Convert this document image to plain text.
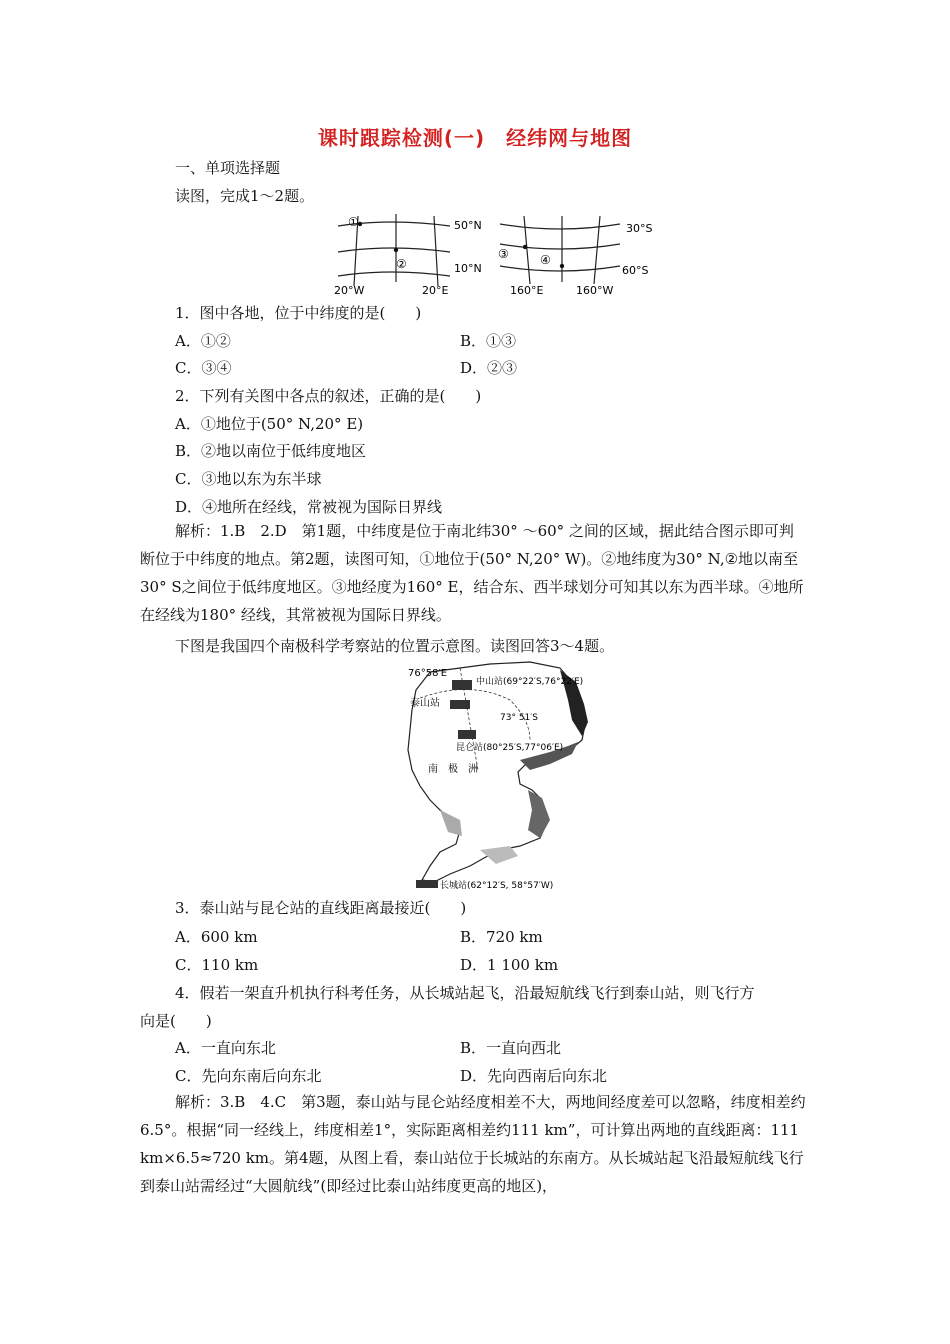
课时跟踪检测(一)　经纬网与地图
一、单项选择题
读图，完成1～2题。
①
②
③	④
50°N
10°N
20°W	20°E
30°S
60°S
160°E	160°W
1．图中各地，位于中纬度的是(　　)
A．①②	B．①③
C．③④	D．②③
2．下列有关图中各点的叙述，正确的是(　　)
A．①地位于(50° N,20° E)
B．②地以南位于低纬度地区
C．③地以东为东半球
D．④地所在经线，常被视为国际日界线
解析：1.B　2.D　第1题，中纬度是位于南北纬30° ～60° 之间的区域，据此结合图示即可判断位于中纬度的地点。第2题，读图可知，①地位于(50° N,20° W)。②地纬度为30° N,②地以南至30° S之间位于低纬度地区。③地经度为160° E，结合东、西半球划分可知其以东为西半球。④地所在经线为180° 经线，其常被视为国际日界线。
下图是我国四个南极科学考察站的位置示意图。读图回答3～4题。
76°58′E
中山站(69°22′S,76°22′E)
泰山站
73° 51′S
昆仑站(80°25′S,77°06′E)
南　极　洲
长城站(62°12′S, 58°57′W)
3．泰山站与昆仑站的直线距离最接近(　　)
A．600 km	B．720 km
C．110 km	D．1 100 km
4．假若一架直升机执行科考任务，从长城站起飞，沿最短航线飞行到泰山站，则飞行方
向是(　　)
A．一直向东北	B．一直向西北
C．先向东南后向东北	D．先向西南后向东北
解析：3.B　4.C　第3题，泰山站与昆仑站经度相差不大，两地间经度差可以忽略，纬度相差约6.5°。根据“同一经线上，纬度相差1°，实际距离相差约111 km”，可计算出两地的直线距离：111 km×6.5≈720 km。第4题，从图上看，泰山站位于长城站的东南方。从长城站起飞沿最短航线飞行到泰山站需经过“大圆航线”(即经过比泰山站纬度更高的地区)，
